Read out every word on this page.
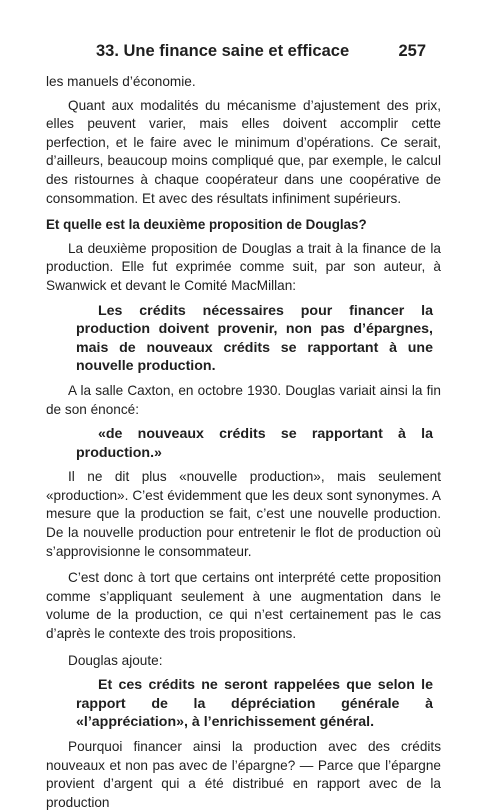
33. Une finance saine et efficace	257

les manuels d’économie.

Quant aux modalités du mécanisme d’ajustement des prix, elles peuvent varier, mais elles doivent accomplir cette perfection, et le faire avec le minimum d’opérations. Ce serait, d’ailleurs, beaucoup moins compliqué que, par exemple, le calcul des ristournes à chaque coopérateur dans une coopérative de consommation. Et avec des résultats infiniment supérieurs.

Et quelle est la deuxième proposition de Douglas?

La deuxième proposition de Douglas a trait à la finance de la production. Elle fut exprimée comme suit, par son auteur, à Swanwick et devant le Comité MacMillan:

Les crédits nécessaires pour financer la production doivent provenir, non pas d’épargnes, mais de nouveaux crédits se rapportant à une nouvelle production.

A la salle Caxton, en octobre 1930. Douglas variait ainsi la fin de son énoncé:

«de nouveaux crédits se rapportant à la production.»

Il ne dit plus «nouvelle production», mais seulement «production». C’est évidemment que les deux sont synonymes. A mesure que la production se fait, c’est une nouvelle production. De la nouvelle production pour entretenir le flot de production où s’approvisionne le consommateur.

C’est donc à tort que certains ont interprété cette proposition comme s’appliquant seulement à une augmentation dans le volume de la production, ce qui n’est certainement pas le cas d’après le contexte des trois propositions.

Douglas ajoute:

Et ces crédits ne seront rappelées que selon le rapport de la dépréciation générale à «l’appréciation», à l’enrichissement général.

Pourquoi financer ainsi la production avec des crédits nouveaux et non pas avec de l’épargne? — Parce que l’épargne provient d’argent qui a été distribué en rapport avec de la production
